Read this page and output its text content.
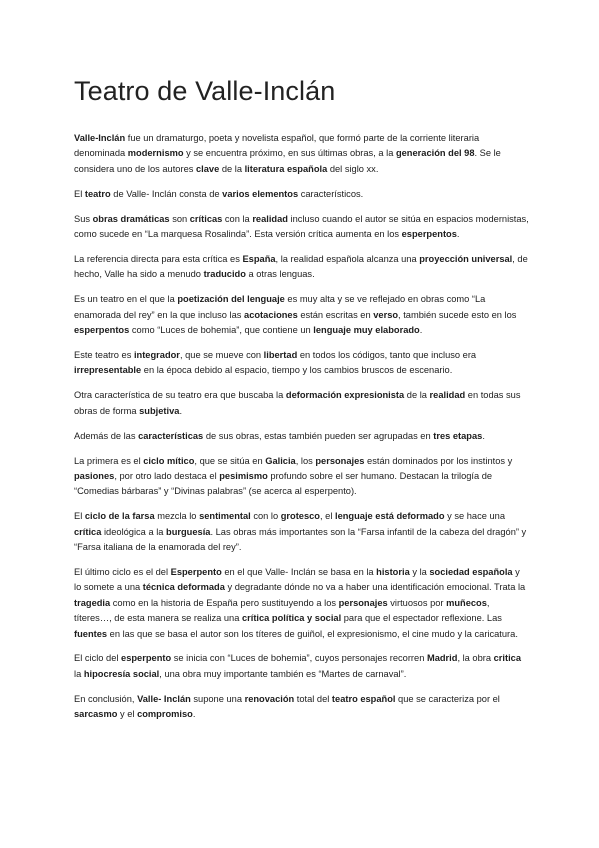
Teatro de Valle-Inclán

Valle-Inclán fue un dramaturgo, poeta y novelista español, que formó parte de la corriente literaria denominada modernismo y se encuentra próximo, en sus últimas obras, a la generación del 98. Se le considera uno de los autores clave de la literatura española del siglo xx.

El teatro de Valle- Inclán consta de varios elementos característicos.

Sus obras dramáticas son críticas con la realidad incluso cuando el autor se sitúa en espacios modernistas, como sucede en “La marquesa Rosalinda”. Esta versión crítica aumenta en los esperpentos.

La referencia directa para esta crítica es España, la realidad española alcanza una proyección universal, de hecho, Valle ha sido a menudo traducido a otras lenguas.

Es un teatro en el que la poetización del lenguaje es muy alta y se ve reflejado en obras como “La enamorada del rey” en la que incluso las acotaciones están escritas en verso, también sucede esto en los esperpentos como “Luces de bohemia”, que contiene un lenguaje muy elaborado.

Este teatro es integrador, que se mueve con libertad en todos los códigos, tanto que incluso era irrepresentable en la época debido al espacio, tiempo y los cambios bruscos de escenario.

Otra característica de su teatro era que buscaba la deformación expresionista de la realidad en todas sus obras de forma subjetiva.

Además de las características de sus obras, estas también pueden ser agrupadas en tres etapas.

La primera es el ciclo mítico, que se sitúa en Galicia, los personajes están dominados por los instintos y pasiones, por otro lado destaca el pesimismo profundo sobre el ser humano. Destacan la trilogía de “Comedias bárbaras” y “Divinas palabras” (se acerca al esperpento).

El ciclo de la farsa mezcla lo sentimental con lo grotesco, el lenguaje está deformado y se hace una crítica ideológica a la burguesía. Las obras más importantes son la “Farsa infantil de la cabeza del dragón” y “Farsa italiana de la enamorada del rey”.

El último ciclo es el del Esperpento en el que Valle- Inclán se basa en la historia y la sociedad española y lo somete a una técnica deformada y degradante dónde no va a haber una identificación emocional. Trata la tragedia como en la historia de España pero sustituyendo a los personajes virtuosos por muñecos, títeres…, de esta manera se realiza una crítica política y social para que el espectador reflexione. Las fuentes en las que se basa el autor son los títeres de guiñol, el expresionismo, el cine mudo y la caricatura.

El ciclo del esperpento se inicia con “Luces de bohemia”, cuyos personajes recorren Madrid, la obra critica la hipocresía social, una obra muy importante también es “Martes de carnaval”.

En conclusión, Valle- Inclán supone una renovación total del teatro español que se caracteriza por el sarcasmo y el compromiso.
